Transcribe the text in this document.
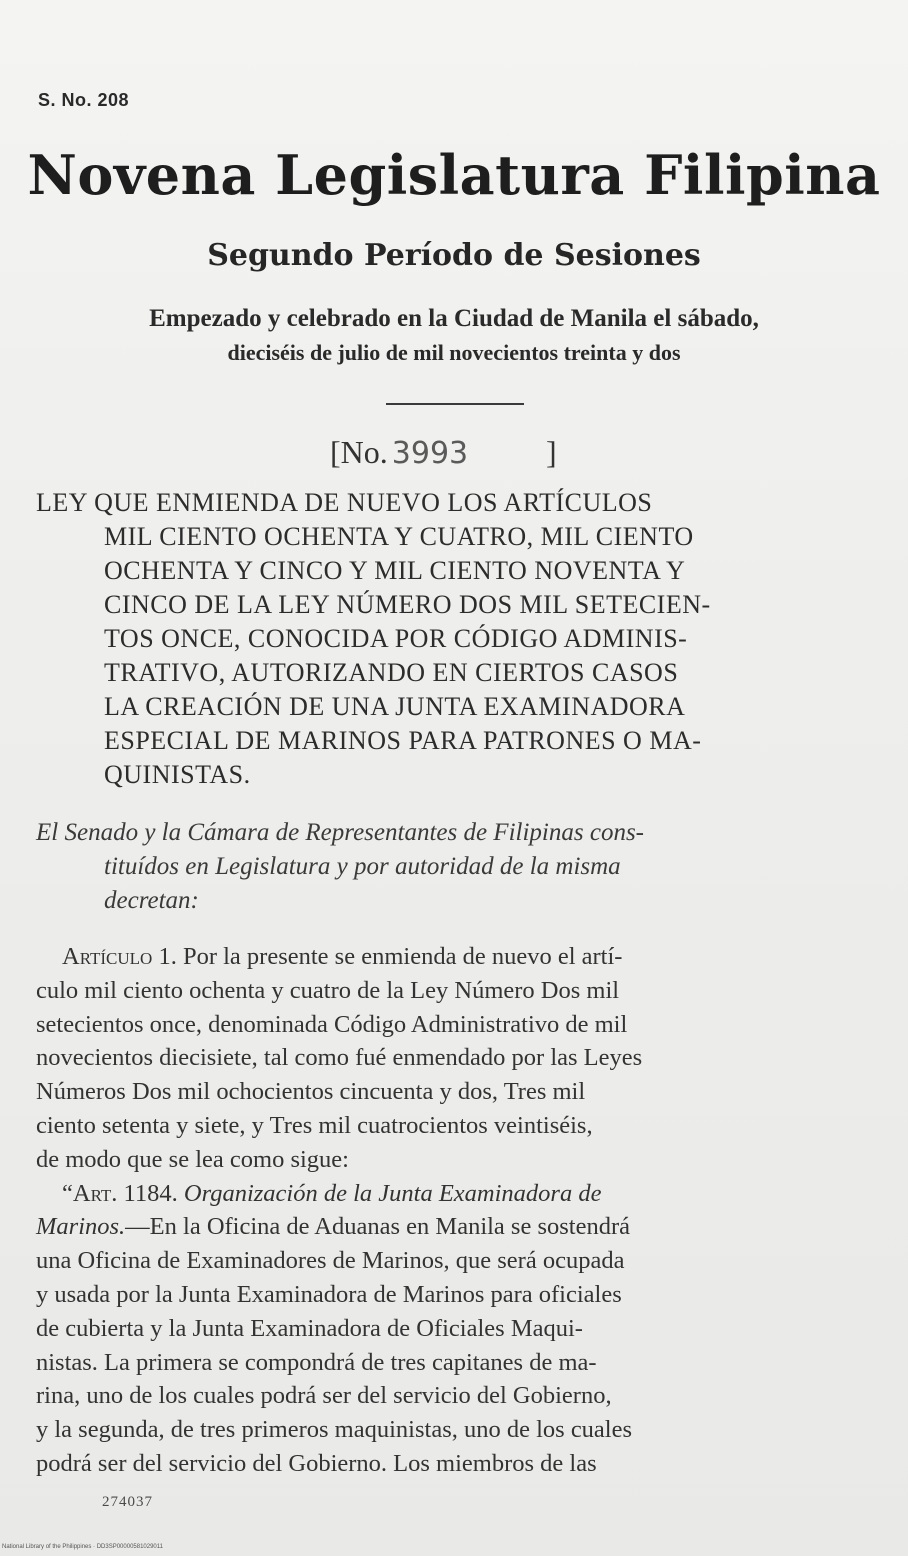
S. No. 208
Novena Legislatura Filipina
Segundo Período de Sesiones
Empezado y celebrado en la Ciudad de Manila el sábado,
dieciséis de julio de mil novecientos treinta y dos
[No. 3993 ]
LEY QUE ENMIENDA DE NUEVO LOS ARTÍCULOS
MIL CIENTO OCHENTA Y CUATRO, MIL CIENTO
OCHENTA Y CINCO Y MIL CIENTO NOVENTA Y
CINCO DE LA LEY NÚMERO DOS MIL SETECIEN-
TOS ONCE, CONOCIDA POR CÓDIGO ADMINIS-
TRATIVO, AUTORIZANDO EN CIERTOS CASOS
LA CREACIÓN DE UNA JUNTA EXAMINADORA
ESPECIAL DE MARINOS PARA PATRONES O MA-
QUINISTAS.
El Senado y la Cámara de Representantes de Filipinas cons-
tituídos en Legislatura y por autoridad de la misma
decretan:
Artículo 1. Por la presente se enmienda de nuevo el artí-
culo mil ciento ochenta y cuatro de la Ley Número Dos mil
setecientos once, denominada Código Administrativo de mil
novecientos diecisiete, tal como fué enmendado por las Leyes
Números Dos mil ochocientos cincuenta y dos, Tres mil
ciento setenta y siete, y Tres mil cuatrocientos veintiséis,
de modo que se lea como sigue:
“Art. 1184. Organización de la Junta Examinadora de
Marinos.—En la Oficina de Aduanas en Manila se sostendrá
una Oficina de Examinadores de Marinos, que será ocupada
y usada por la Junta Examinadora de Marinos para oficiales
de cubierta y la Junta Examinadora de Oficiales Maqui-
nistas. La primera se compondrá de tres capitanes de ma-
rina, uno de los cuales podrá ser del servicio del Gobierno,
y la segunda, de tres primeros maquinistas, uno de los cuales
podrá ser del servicio del Gobierno. Los miembros de las
274037
National Library of the Philippines · DD3SP00000581029011
